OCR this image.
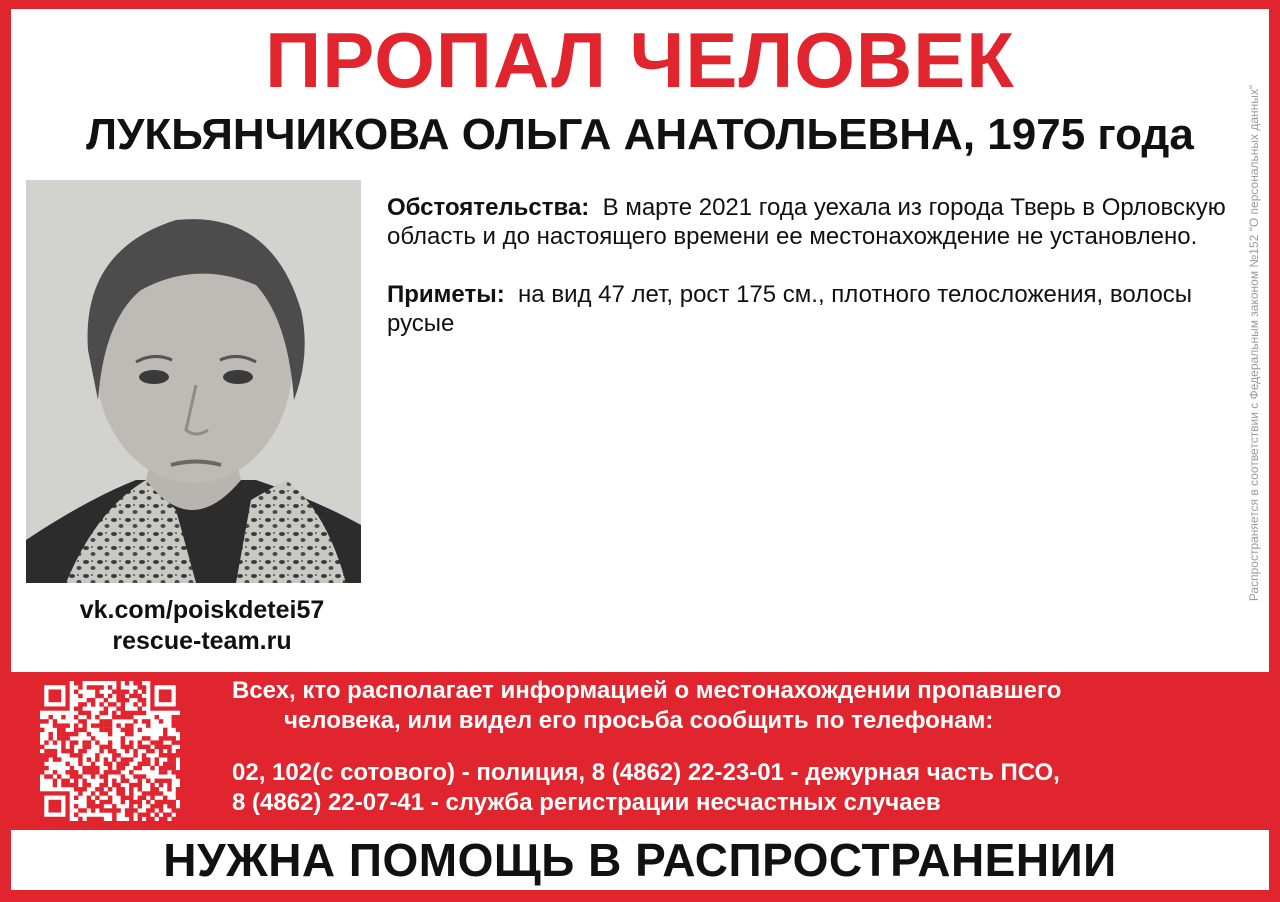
ПРОПАЛ ЧЕЛОВЕК
ЛУКЬЯНЧИКОВА ОЛЬГА АНАТОЛЬЕВНА, 1975 года
vk.com/poiskdetei57
rescue-team.ru

Обстоятельства: В марте 2021 года уехала из города Тверь в Орловскую область и до настоящего времени ее местонахождение не установлено.

Приметы: на вид 47 лет, рост 175 см., плотного телосложения, волосы русые	Распространяется в соответствии с Федеральным законом №152 "О персональных данных"
Всех, кто располагает информацией о местонахождении пропавшего
человека, или видел его просьба сообщить по телефонам:
02, 102(с сотового) - полиция, 8 (4862) 22-23-01 - дежурная часть ПСО,
8 (4862) 22-07-41 - служба регистрации несчастных случаев
НУЖНА ПОМОЩЬ В РАСПРОСТРАНЕНИИ
